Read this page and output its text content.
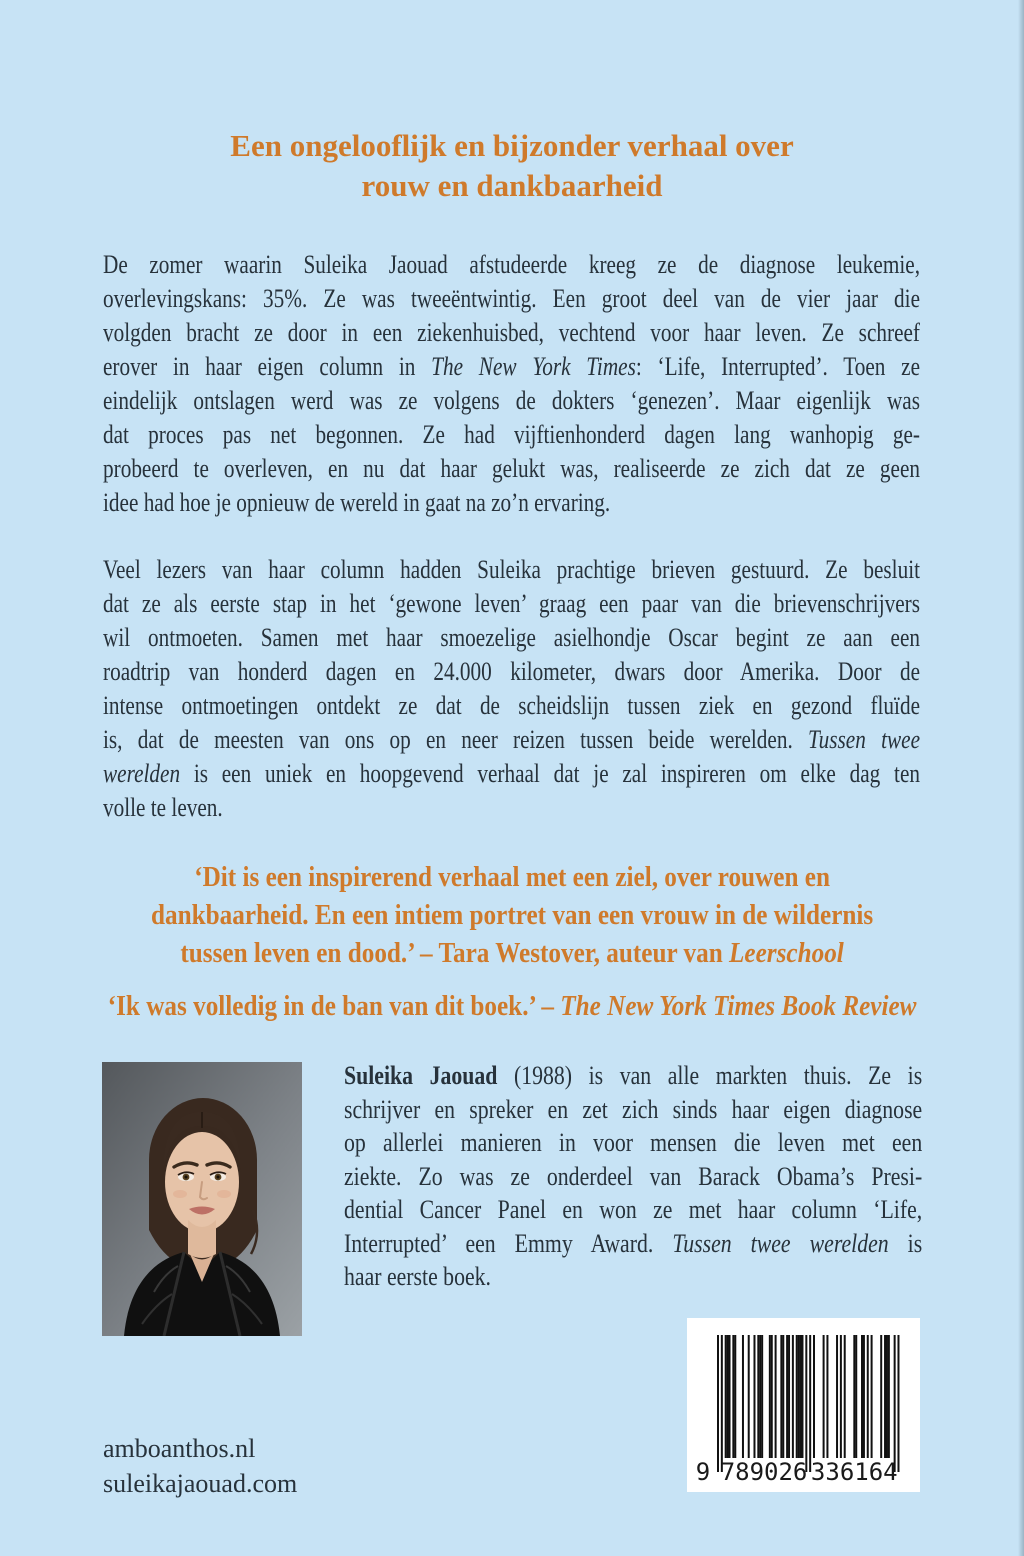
Een ongelooflijk en bijzonder verhaal over
rouw en dankbaarheid
De zomer waarin Suleika Jaouad afstudeerde kreeg ze de diagnose leukemie,
overlevingskans: 35%. Ze was tweeëntwintig. Een groot deel van de vier jaar die
volgden bracht ze door in een ziekenhuisbed, vechtend voor haar leven. Ze schreef
erover in haar eigen column in The New York Times: ‘Life, Interrupted’. Toen ze
eindelijk ontslagen werd was ze volgens de dokters ‘genezen’. Maar eigenlijk was
dat proces pas net begonnen. Ze had vijftienhonderd dagen lang wanhopig ge-
probeerd te overleven, en nu dat haar gelukt was, realiseerde ze zich dat ze geen
idee had hoe je opnieuw de wereld in gaat na zo’n ervaring.
Veel lezers van haar column hadden Suleika prachtige brieven gestuurd. Ze besluit
dat ze als eerste stap in het ‘gewone leven’ graag een paar van die brievenschrijvers
wil ontmoeten. Samen met haar smoezelige asielhondje Oscar begint ze aan een
roadtrip van honderd dagen en 24.000 kilometer, dwars door Amerika. Door de
intense ontmoetingen ontdekt ze dat de scheidslijn tussen ziek en gezond fluïde
is, dat de meesten van ons op en neer reizen tussen beide werelden. Tussen twee
werelden is een uniek en hoopgevend verhaal dat je zal inspireren om elke dag ten
volle te leven.
‘Dit is een inspirerend verhaal met een ziel, over rouwen en
dankbaarheid. En een intiem portret van een vrouw in de wildernis
tussen leven en dood.’ – Tara Westover, auteur van Leerschool
‘Ik was volledig in de ban van dit boek.’ – The New York Times Book Review
Suleika Jaouad (1988) is van alle markten thuis. Ze is
schrijver en spreker en zet zich sinds haar eigen diagnose
op allerlei manieren in voor mensen die leven met een
ziekte. Zo was ze onderdeel van Barack Obama’s Presi-
dential Cancer Panel en won ze met haar column ‘Life,
Interrupted’ een Emmy Award. Tussen twee werelden is
haar eerste boek.
amboanthos.nl
suleikajaouad.com	9 789026 336164
